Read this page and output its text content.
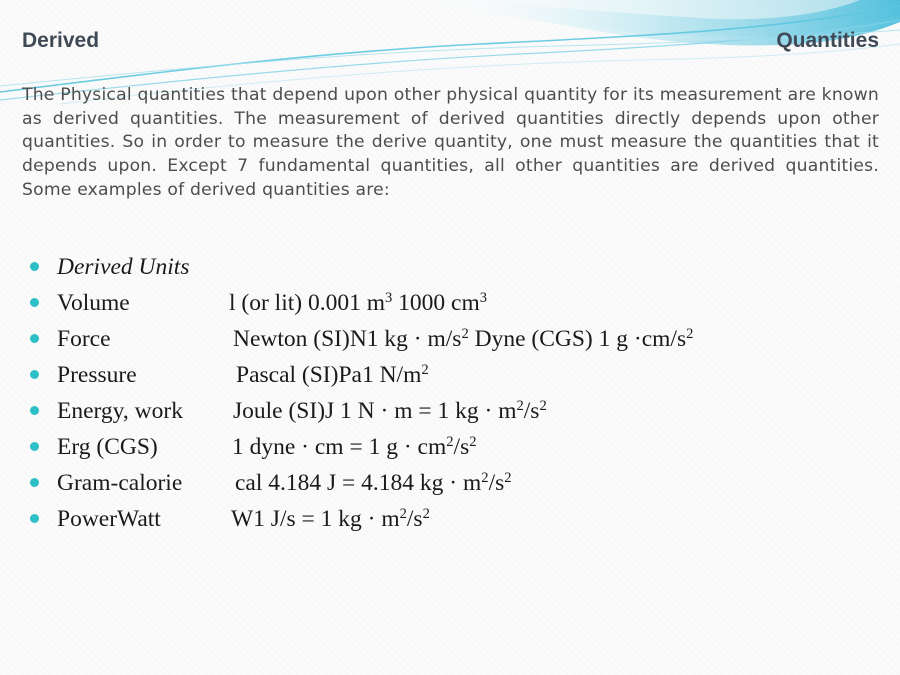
Derived	Quantities

The Physical quantities that depend upon other physical quantity for its measurement are known as derived quantities. The measurement of derived quantities directly depends upon other quantities. So in order to measure the derive quantity, one must measure the quantities that it depends upon. Except 7 fundamental quantities, all other quantities are derived quantities. Some examples of derived quantities are:

Derived Units
Volume	l (or lit) 0.001 $m^3$ 1000 $cm^3$
Force	Newton (SI)N1 kg · $m/s^2$ Dyne (CGS) 1 $g \cdot cm/s^2$
Pressure	Pascal (SI)Pa1 $N/m^2$
Energy, work	Joule (SI)J 1 N · m = 1 kg · $m^2/s^2$
Erg (CGS)	1 dyne · cm = 1 $g \cdot cm^2/s^2$
Gram-calorie	cal 4.184 J = 4.184 kg · $m^2/s^2$
PowerWatt	W1 J/s = 1 kg · $m^2/s^2$
